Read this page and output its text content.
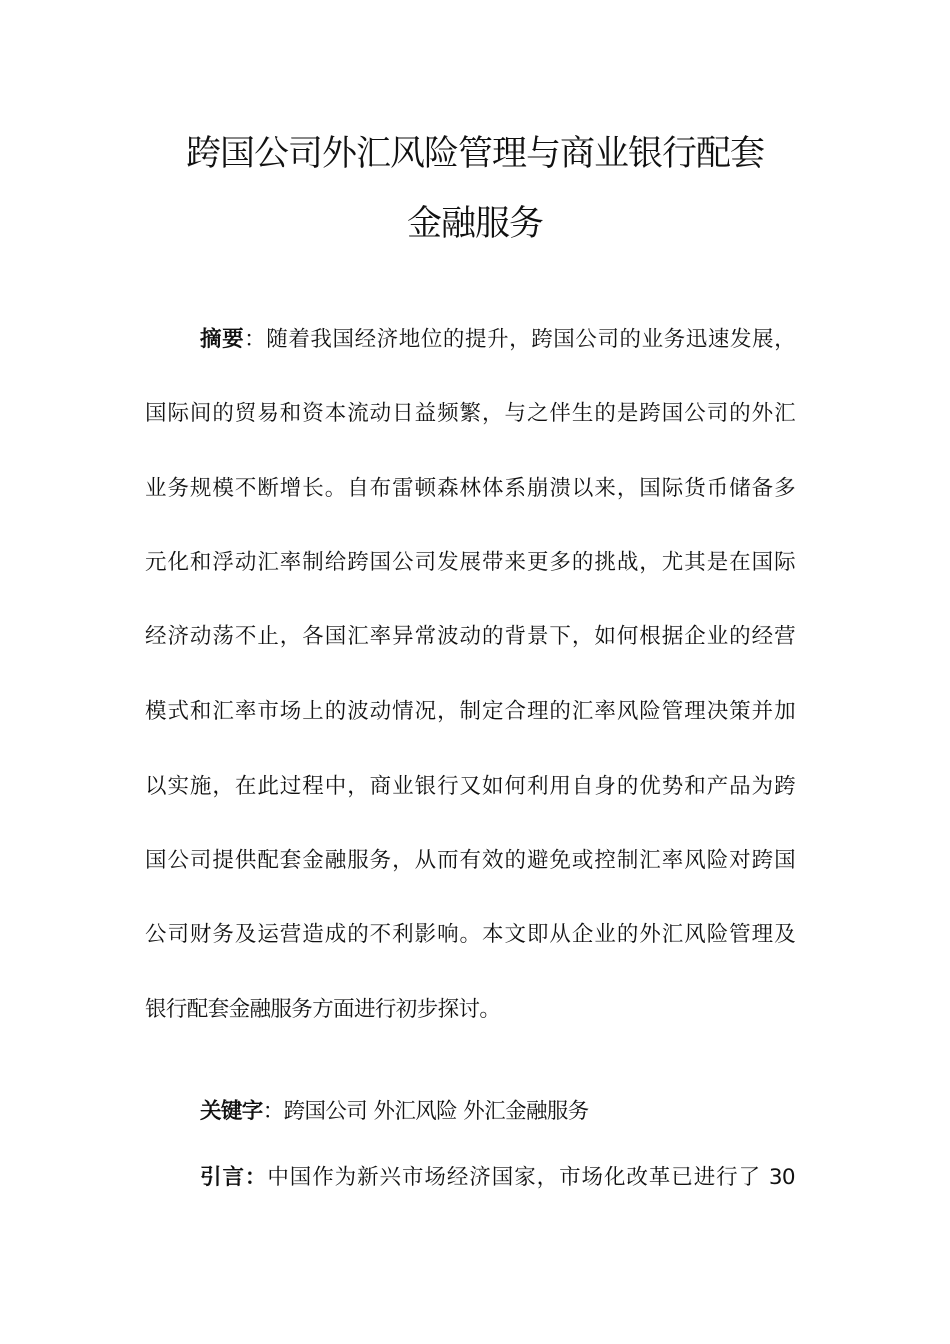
跨国公司外汇风险管理与商业银行配套
金融服务
摘要：随着我国经济地位的提升，跨国公司的业务迅速发展，
国际间的贸易和资本流动日益频繁，与之伴生的是跨国公司的外汇
业务规模不断增长。自布雷顿森林体系崩溃以来，国际货币储备多
元化和浮动汇率制给跨国公司发展带来更多的挑战，尤其是在国际
经济动荡不止，各国汇率异常波动的背景下，如何根据企业的经营
模式和汇率市场上的波动情况，制定合理的汇率风险管理决策并加
以实施，在此过程中，商业银行又如何利用自身的优势和产品为跨
国公司提供配套金融服务，从而有效的避免或控制汇率风险对跨国
公司财务及运营造成的不利影响。本文即从企业的外汇风险管理及
银行配套金融服务方面进行初步探讨。
关键字：跨国公司 外汇风险 外汇金融服务
引言：中国作为新兴市场经济国家，市场化改革已进行了 30
